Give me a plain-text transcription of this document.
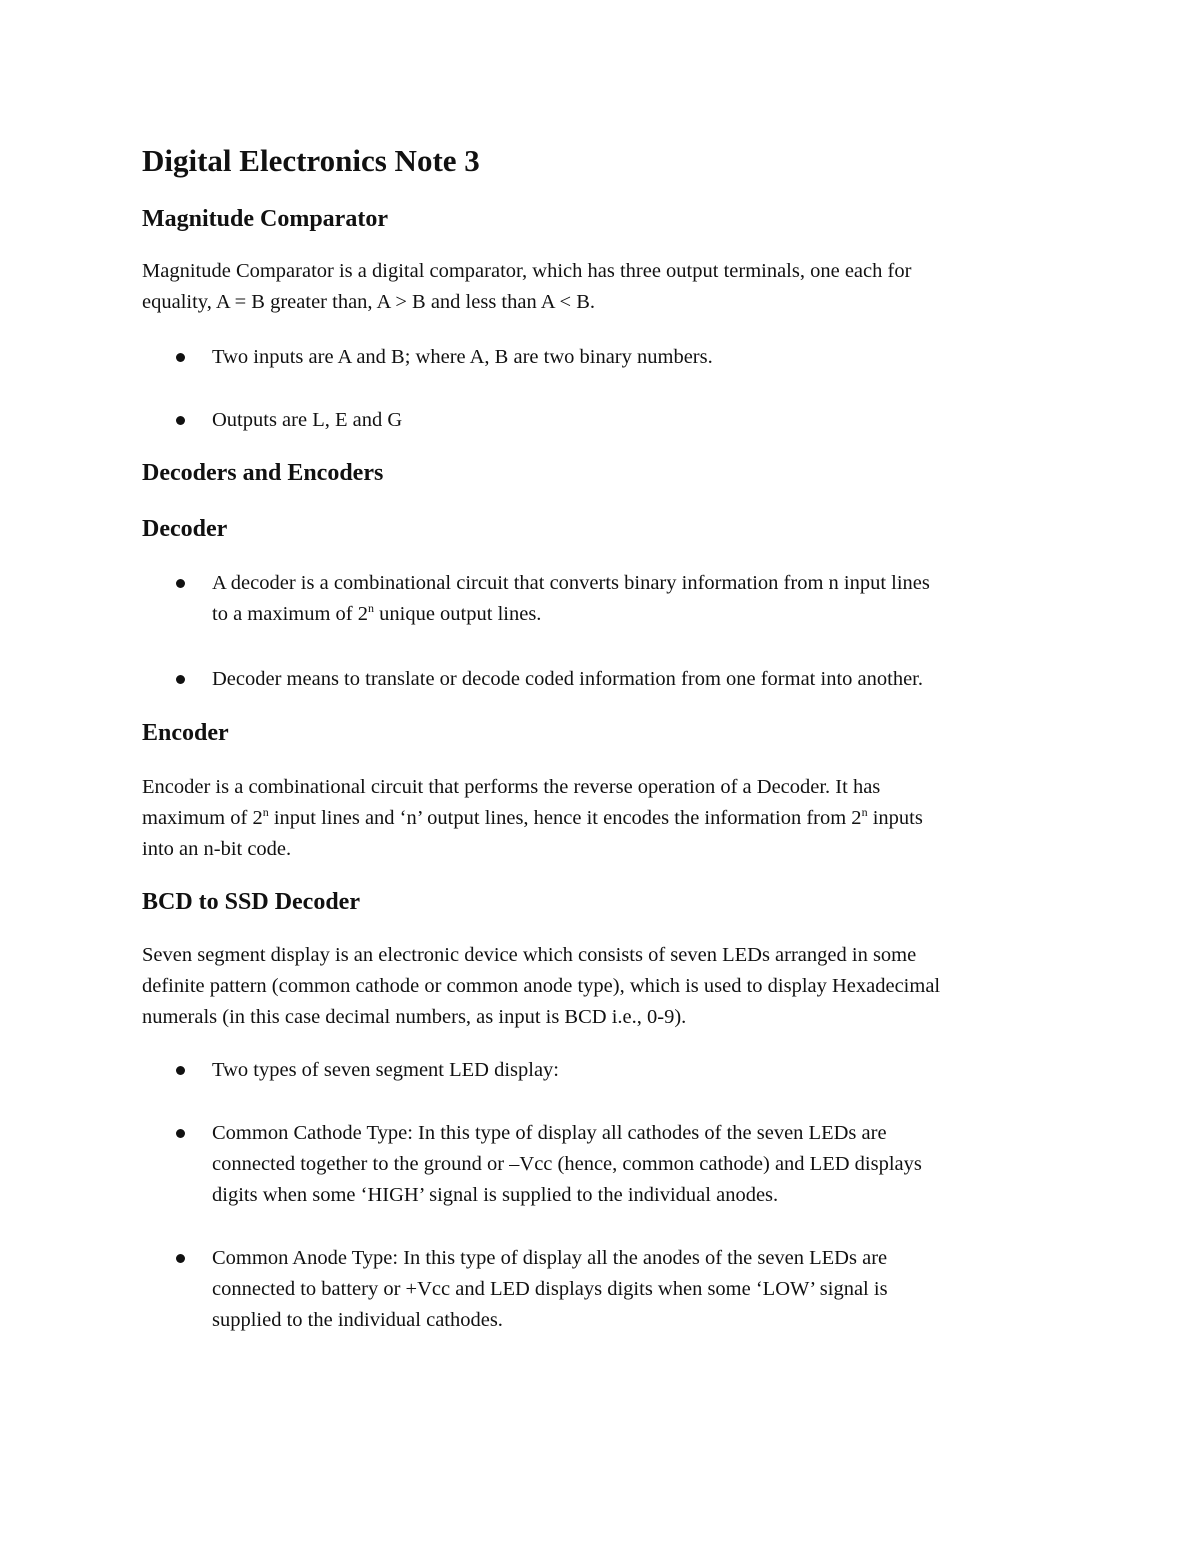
Digital Electronics Note 3
Magnitude Comparator

Magnitude Comparator is a digital comparator, which has three output terminals, one each for
equality, A = B greater than, A > B and less than A < B.

Two inputs are A and B; where A, B are two binary numbers.
Outputs are L, E and G
Decoders and Encoders
Decoder
A decoder is a combinational circuit that converts binary information from n input lines
to a maximum of 2$^n$ unique output lines.
Decoder means to translate or decode coded information from one format into another.
Encoder

Encoder is a combinational circuit that performs the reverse operation of a Decoder. It has
maximum of 2$^n$ input lines and ‘n’ output lines, hence it encodes the information from 2$^n$ inputs
into an n-bit code.

BCD to SSD Decoder

Seven segment display is an electronic device which consists of seven LEDs arranged in some
definite pattern (common cathode or common anode type), which is used to display Hexadecimal
numerals (in this case decimal numbers, as input is BCD i.e., 0-9).

Two types of seven segment LED display:
Common Cathode Type: In this type of display all cathodes of the seven LEDs are
connected together to the ground or –Vcc (hence, common cathode) and LED displays
digits when some ‘HIGH’ signal is supplied to the individual anodes.
Common Anode Type: In this type of display all the anodes of the seven LEDs are
connected to battery or +Vcc and LED displays digits when some ‘LOW’ signal is
supplied to the individual cathodes.
